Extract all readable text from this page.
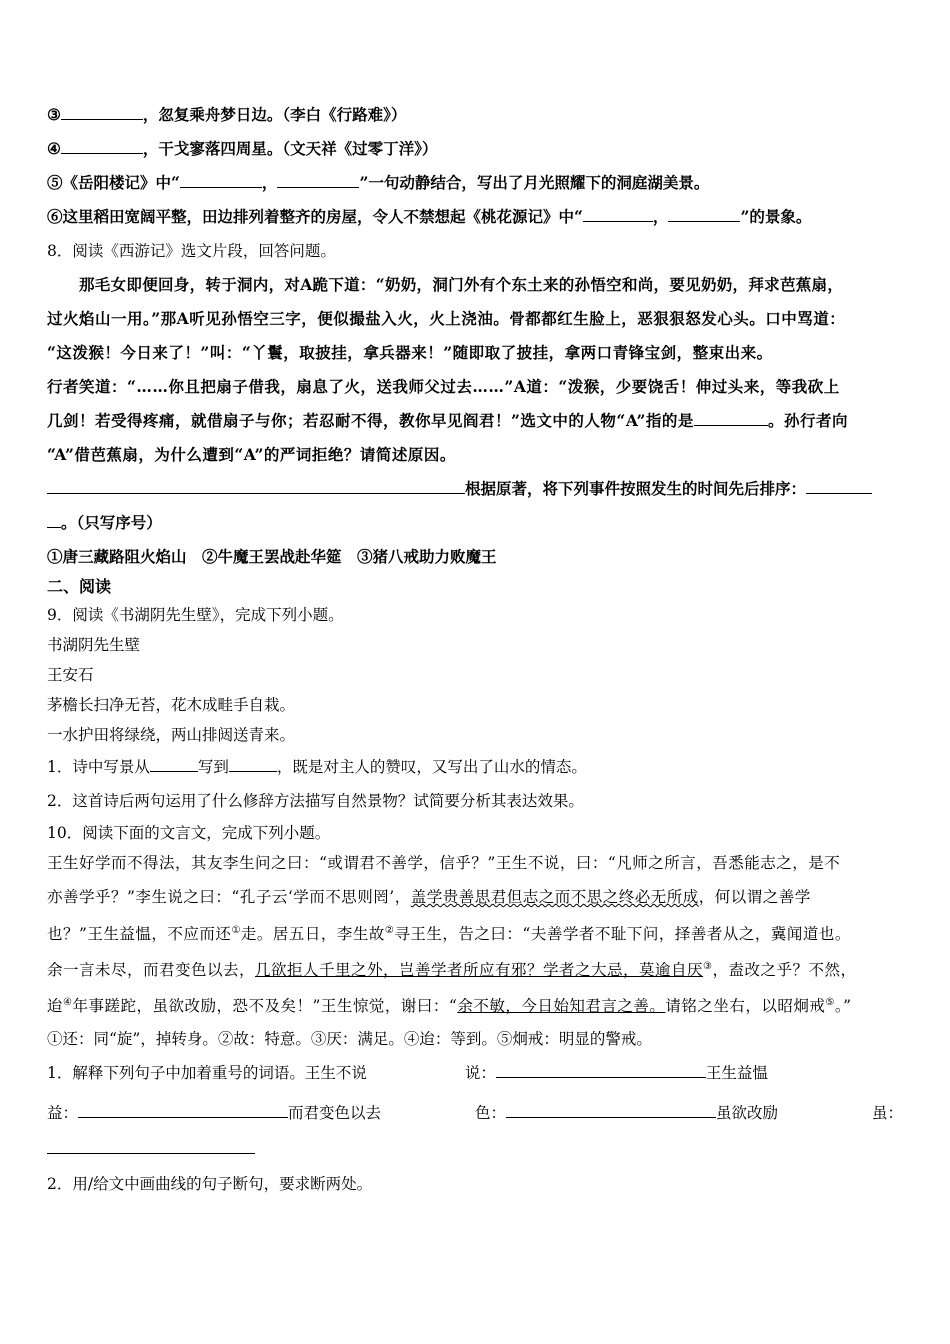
③	，忽复乘舟梦日边。（李白《行路难》）
④	，干戈寥落四周星。（文天祥《过零丁洋》）
⑤《岳阳楼记》中“	，	”一句动静结合，写出了月光照耀下的洞庭湖美景。
⑥这里稻田宽阔平整，田边排列着整齐的房屋，令人不禁想起《桃花源记》中“	，	”的景象。
8．阅读《西游记》选文片段，回答问题。
那毛女即便回身，转于洞内，对A跪下道：“奶奶，洞门外有个东土来的孙悟空和尚，要见奶奶，拜求芭蕉扇，
过火焰山一用。”那A听见孙悟空三字，便似撮盐入火，火上浇油。骨都都红生脸上，恶狠狠怒发心头。口中骂道：
“这泼猴！今日来了！”叫：“丫鬟，取披挂，拿兵器来！”随即取了披挂，拿两口青锋宝剑，整束出来。
行者笑道：“……你且把扇子借我，扇息了火，送我师父过去……”A道：“泼猴，少要饶舌！伸过头来，等我砍上
几剑！若受得疼痛，就借扇子与你；若忍耐不得，教你早见阎君！”选文中的人物“A”指的是	。孙行者向
“A”借芭蕉扇，为什么遭到“A”的严词拒绝？请简述原因。
根据原著，将下列事件按照发生的时间先后排序：
。（只写序号）
①唐三藏路阻火焰山　②牛魔王罢战赴华筵　③猪八戒助力败魔王
二、阅读
9．阅读《书湖阴先生壁》，完成下列小题。
书湖阴先生壁
王安石
茅檐长扫净无苔，花木成畦手自栽。
一水护田将绿绕，两山排闼送青来。
1．诗中写景从	写到	，既是对主人的赞叹，又写出了山水的情态。
2．这首诗后两句运用了什么修辞方法描写自然景物？试简要分析其表达效果。
10．阅读下面的文言文，完成下列小题。
王生好学而不得法，其友李生问之曰：“或谓君不善学，信乎？”王生不说，曰：“凡师之所言，吾悉能志之，是不
亦善学乎？”李生说之曰：“孔子云‘学而不思则罔’，盖学贵善思君但志之而不思之终必无所成，何以谓之善学
也？”王生益愠，不应而还①走。居五日，李生故②寻王生，告之曰：“夫善学者不耻下问，择善者从之，冀闻道也。
余一言未尽，而君变色以去，几欲拒人千里之外，岂善学者所应有邪？学者之大忌，莫逾自厌③，盍改之乎？不然，
迨④年事蹉跎，虽欲改励，恐不及矣！”王生惊觉，谢曰：“余不敏，今日始知君言之善。请铭之坐右，以昭炯戒⑤。”
①还：同“旋”，掉转身。②故：特意。③厌：满足。④迨：等到。⑤炯戒：明显的警戒。
1．解释下列句子中加着重号的词语。王生不说	说：	王生益愠
益：	而君变色以去	色：	虽欲改励	虽：
2．用/给文中画曲线的句子断句，要求断两处。
